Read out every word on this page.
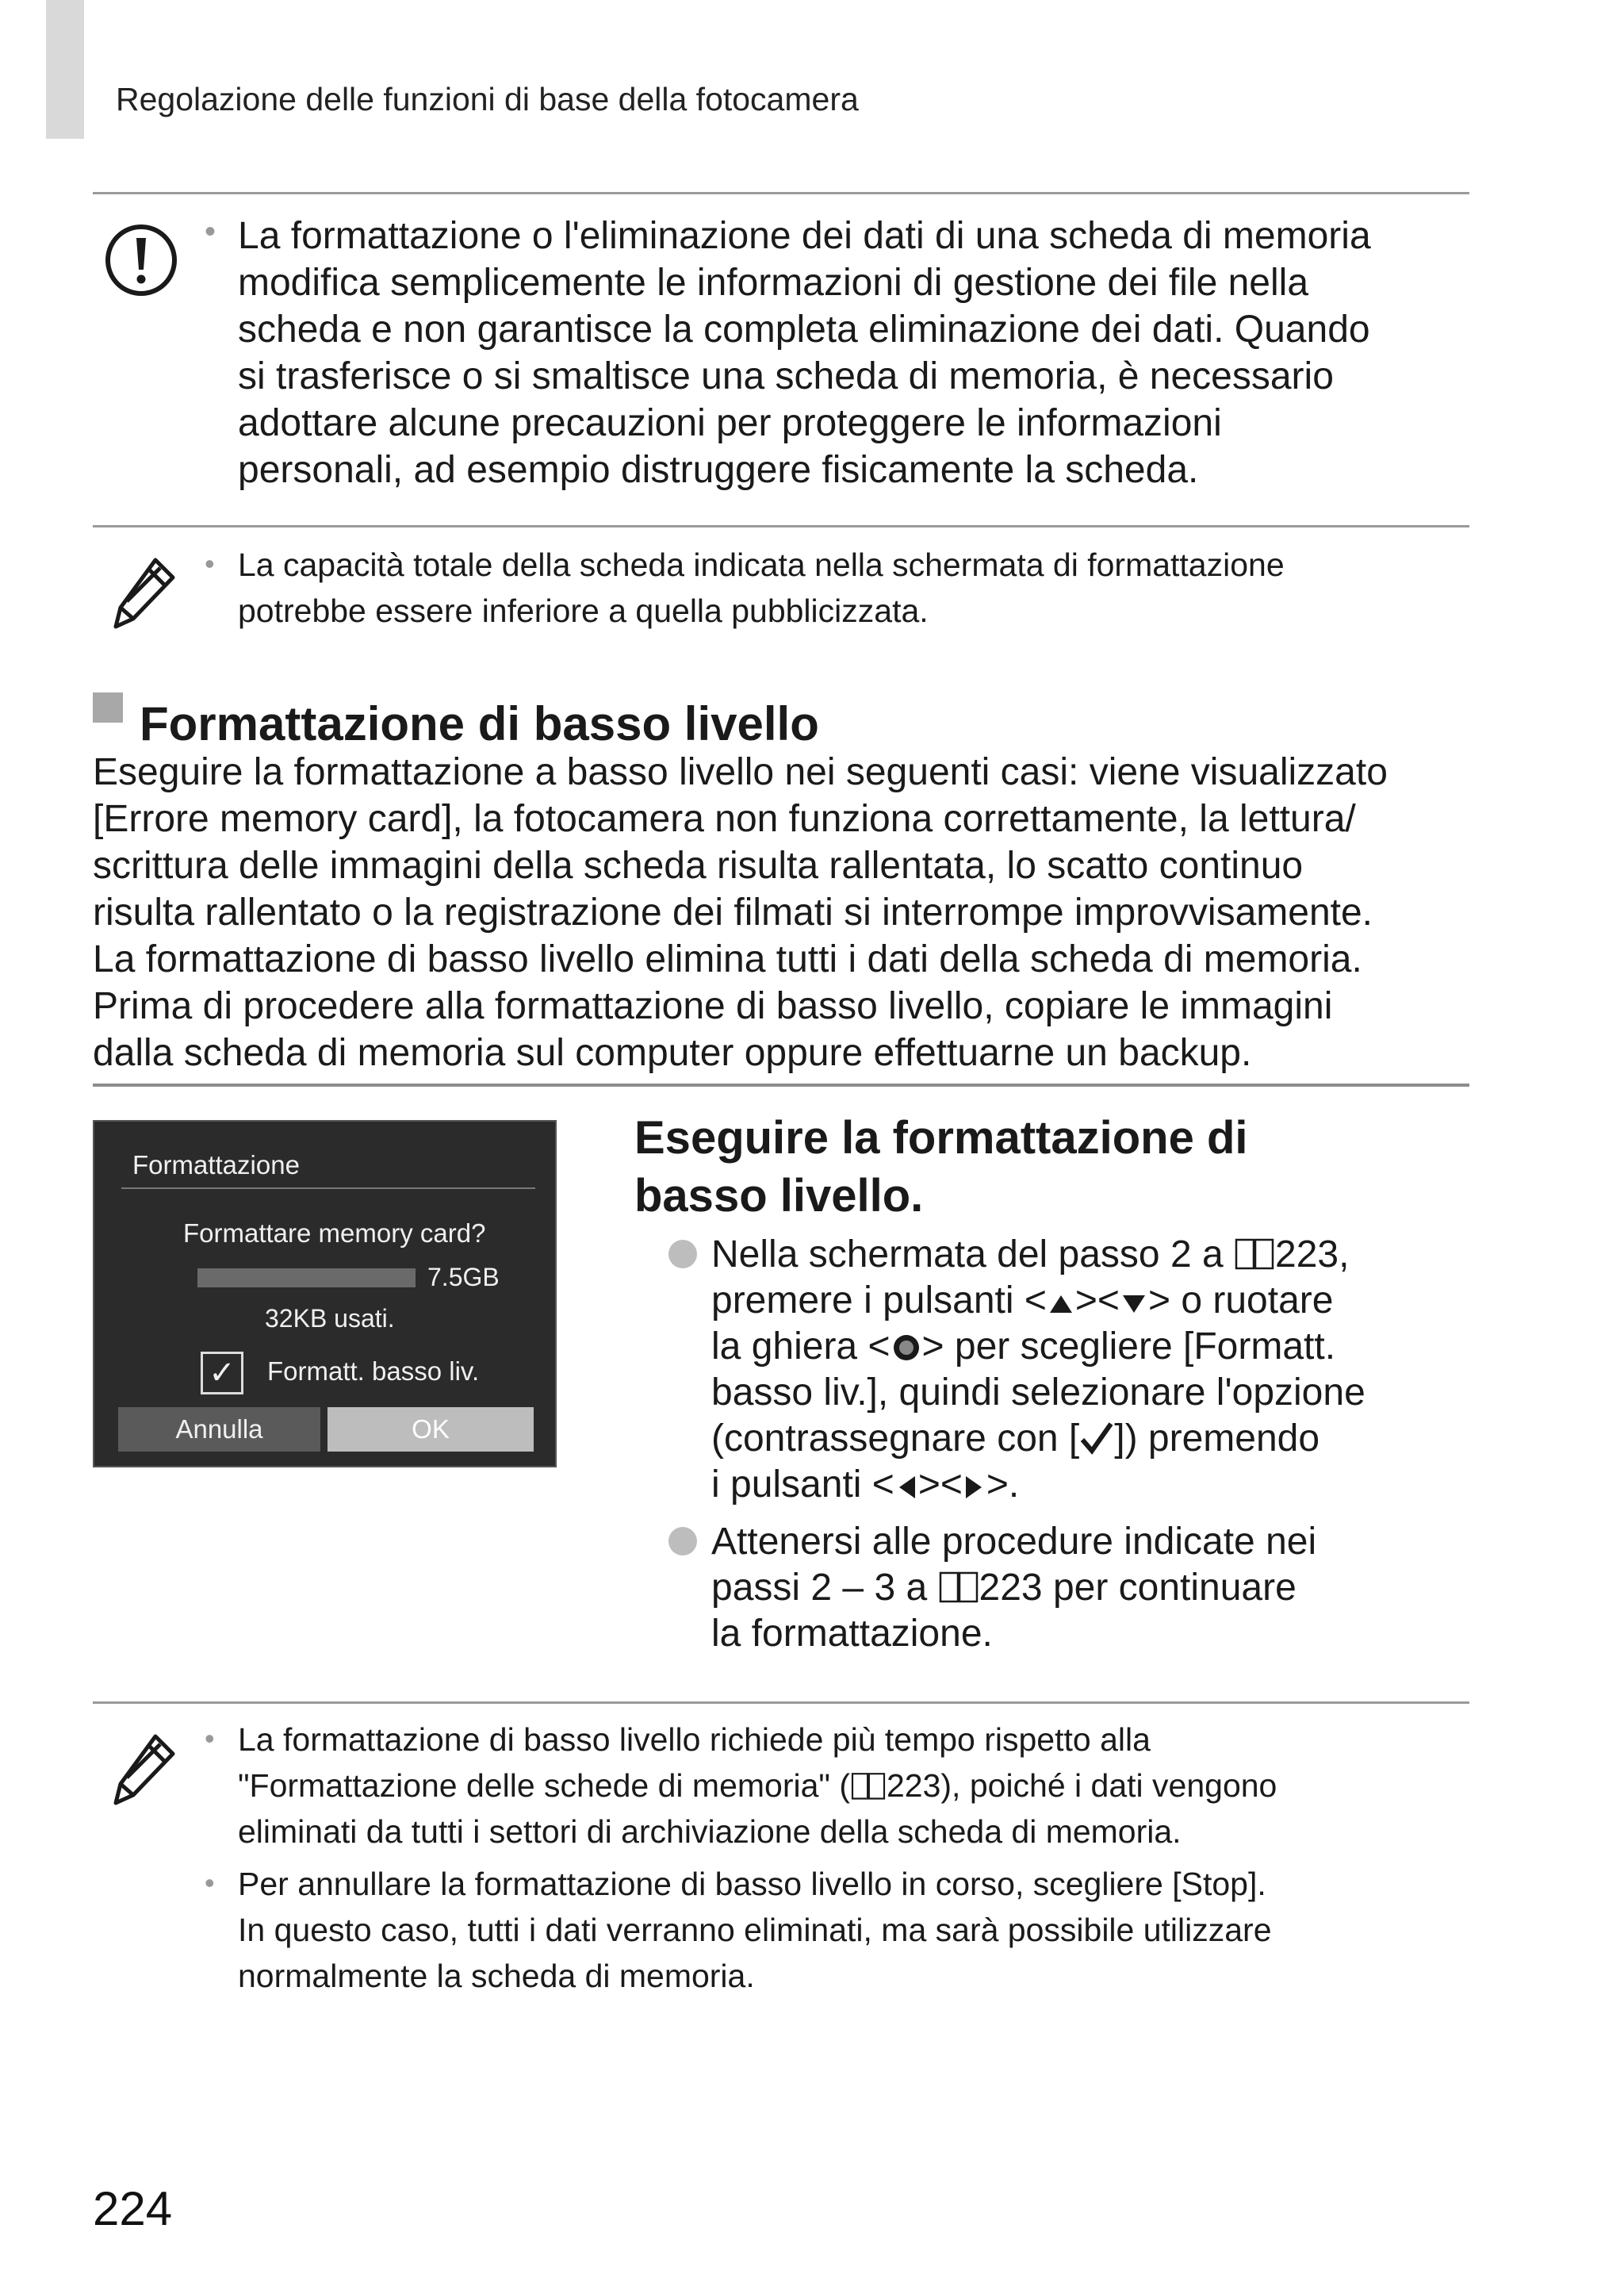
Regolazione delle funzioni di base della fotocamera
• La formattazione o l'eliminazione dei dati di una scheda di memoria
modifica semplicemente le informazioni di gestione dei file nella
scheda e non garantisce la completa eliminazione dei dati. Quando
si trasferisce o si smaltisce una scheda di memoria, è necessario
adottare alcune precauzioni per proteggere le informazioni
personali, ad esempio distruggere fisicamente la scheda.
• La capacità totale della scheda indicata nella schermata di formattazione
potrebbe essere inferiore a quella pubblicizzata.
Formattazione di basso livello
Eseguire la formattazione a basso livello nei seguenti casi: viene visualizzato
[Errore memory card], la fotocamera non funziona correttamente, la lettura/
scrittura delle immagini della scheda risulta rallentata, lo scatto continuo
risulta rallentato o la registrazione dei filmati si interrompe improvvisamente.
La formattazione di basso livello elimina tutti i dati della scheda di memoria.
Prima di procedere alla formattazione di basso livello, copiare le immagini
dalla scheda di memoria sul computer oppure effettuarne un backup.
Formattazione
Formattare memory card?
7.5GB
32KB usati.
✓	Formatt. basso liv.
Annulla	OK
Eseguire la formattazione di
basso livello.
Nella schermata del passo 2 a 223,
premere i pulsanti < >< > o ruotare
la ghiera < > per scegliere [Formatt.
basso liv.], quindi selezionare l'opzione
(contrassegnare con [ ]) premendo
i pulsanti < >< >.
Attenersi alle procedure indicate nei
passi 2 – 3 a 223 per continuare
la formattazione.
• La formattazione di basso livello richiede più tempo rispetto alla
"Formattazione delle schede di memoria" ( 223), poiché i dati vengono
eliminati da tutti i settori di archiviazione della scheda di memoria.
• Per annullare la formattazione di basso livello in corso, scegliere [Stop].
In questo caso, tutti i dati verranno eliminati, ma sarà possibile utilizzare
normalmente la scheda di memoria.
224
